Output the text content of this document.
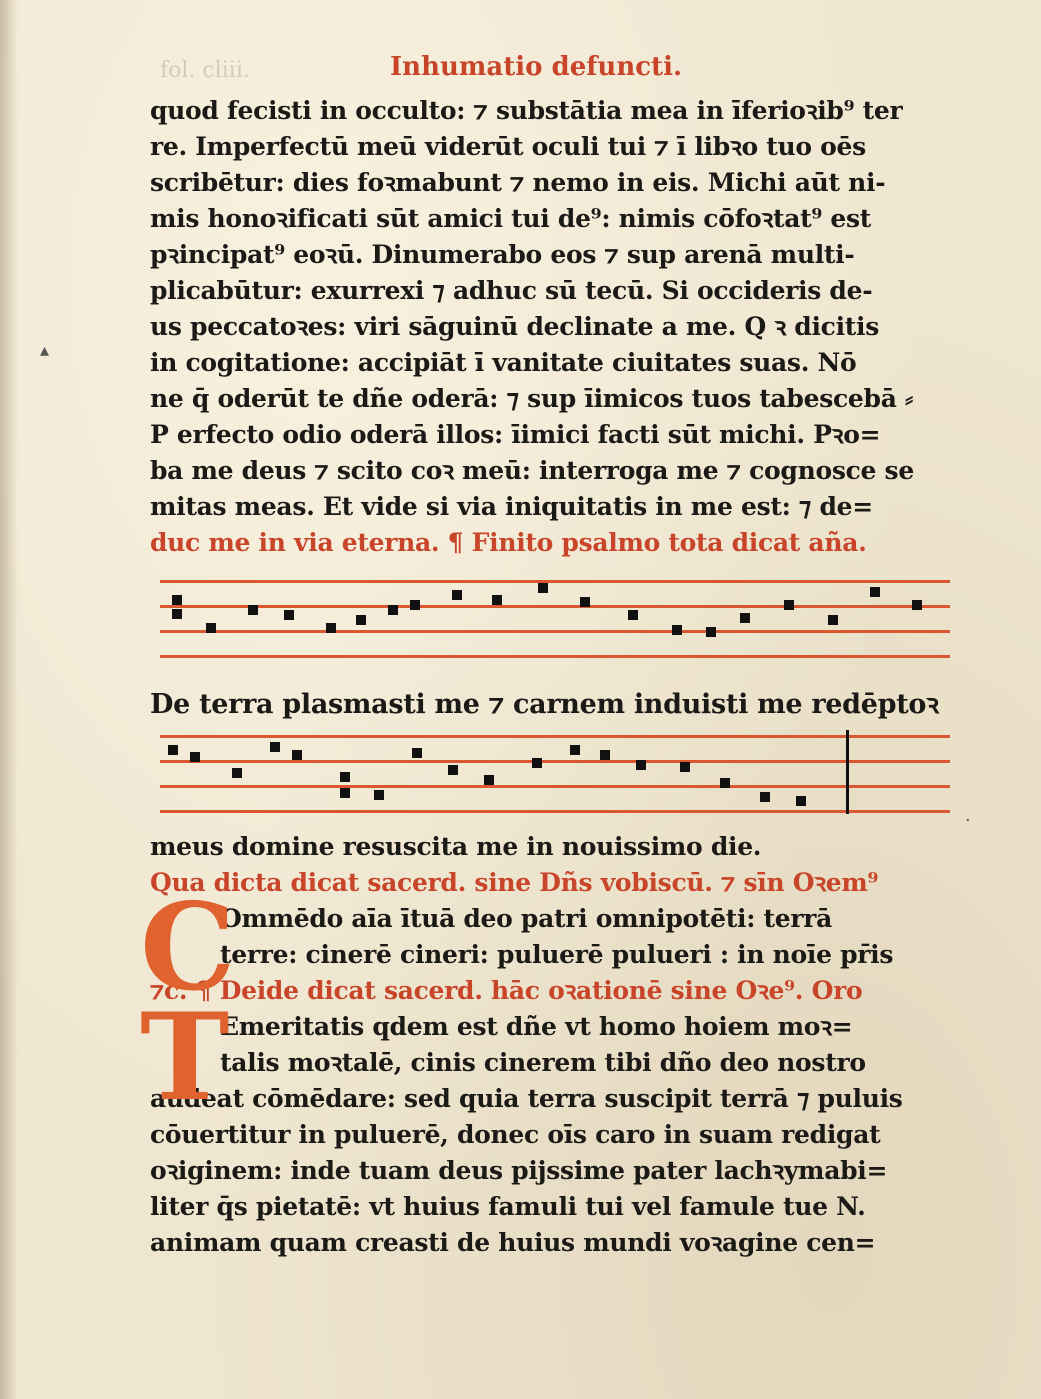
fol. cliii.	Inhumatio defuncti.
quod fecisti in occulto: ⁊ substātia mea in īferioꝛib⁹ ter
re. Imperfectū meū viderūt oculi tui ⁊ ī libꝛo tuo oēs
scribētur: dies foꝛmabunt ⁊ nemo in eis. Michi aūt ni-
mis honoꝛificati sūt amici tui de⁹: nimis cōfoꝛtat⁹ est
pꝛincipat⁹ eoꝛū. Dinumerabo eos ⁊ sup arenā multi-
plicabūtur: exurrexi ⁊ adhuc sū tecū. Si occideris de-
us peccatoꝛes: viri sāguinū declinate a me. Q ꝛ dicitis
in cogitatione: accipiāt ī vanitate ciuitates suas. Nō
ne q̄ oderūt te dñe oderā: ⁊ sup īimicos tuos tabescebā ⸗
P erfecto odio oderā illos: īimici facti sūt michi. Pꝛo=
ba me deus ⁊ scito coꝛ meū: interroga me ⁊ cognosce se
mitas meas. Et vide si via iniquitatis in me est: ⁊ de=
duc me in via eterna. ¶ Finito psalmo tota dicat aña.
De terra plasmasti me ⁊ carnem induisti me redēptoꝛ
meus domine resuscita me in nouissimo die.
Qua dicta dicat sacerd. sine Dñs vobiscū. ⁊ sīn Oꝛem⁹
Ommēdo aīa ītuā deo patri omnipotēti: terrā
terre: cinerē cineri: puluerē pulueri : in noīe pr̄is
⁊c. ¶ Deide dicat sacerd. hāc oꝛationē sine Oꝛe⁹. Oro
Emeritatis qdem est dñe vt homo hoiem moꝛ=
talis moꝛtalē, cinis cinerem tibi dño deo nostro
audeat cōmēdare: sed quia terra suscipit terrā ⁊ puluis
cōuertitur in puluerē, donec oīs caro in suam redigat
oꝛiginem: inde tuam deus pijssime pater lachꝛymabi=
liter q̄s pietatē: vt huius famuli tui vel famule tue N.
animam quam creasti de huius mundi voꝛagine cen=
C
T
▴
·
